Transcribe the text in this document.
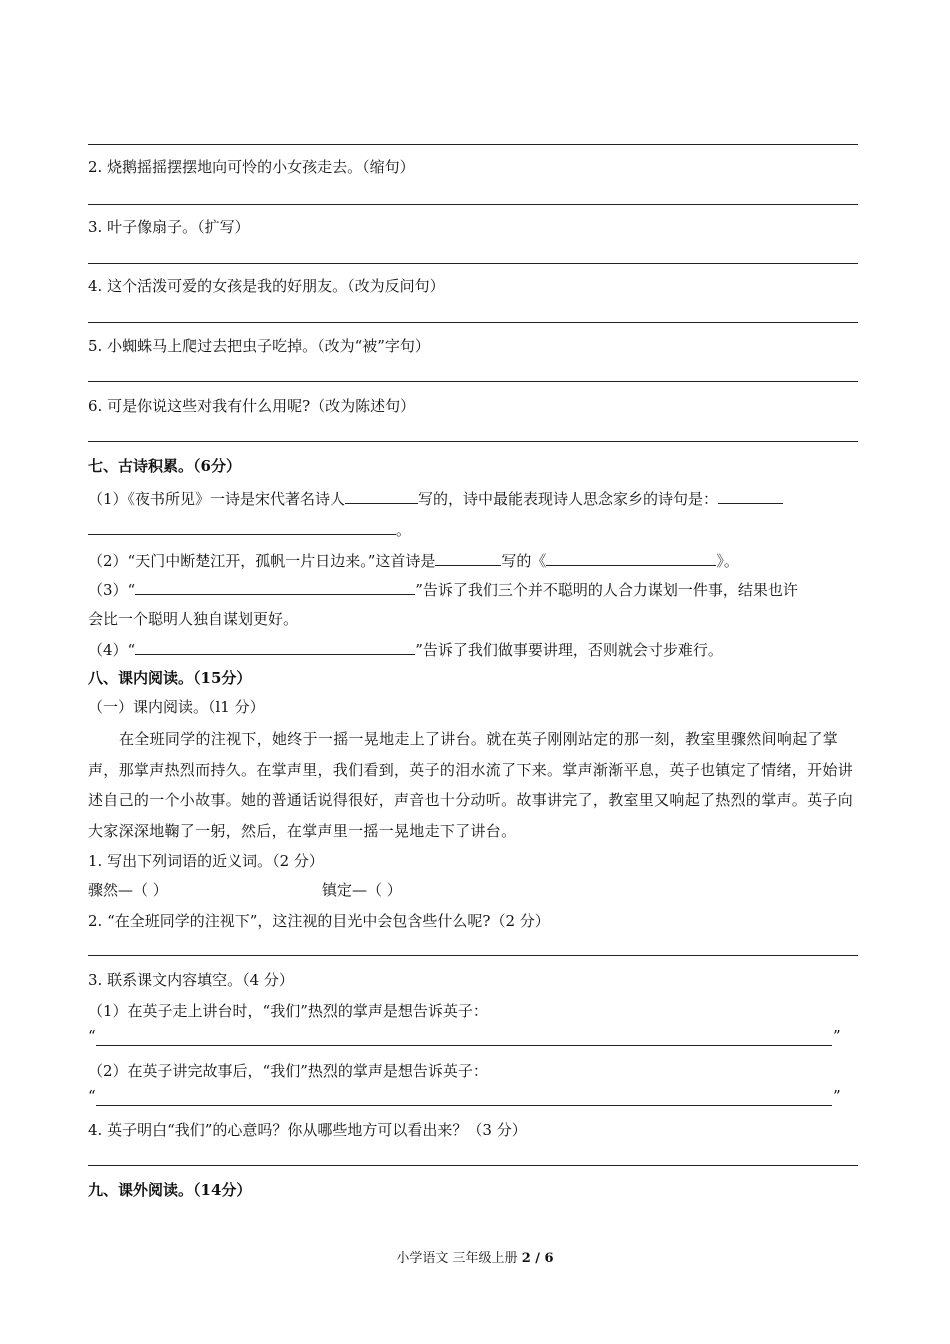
2. 烧鹅摇摇摆摆地向可怜的小女孩走去。（缩句）
3. 叶子像扇子。（扩写）
4. 这个活泼可爱的女孩是我的好朋友。（改为反问句）
5. 小蜘蛛马上爬过去把虫子吃掉。（改为“被”字句）
6. 可是你说这些对我有什么用呢?（改为陈述句）
七、古诗积累。（6分）
（1）《夜书所见》一诗是宋代著名诗人	写的，诗中最能表现诗人思念家乡的诗句是：
。
（2）“天门中断楚江开，孤帆一片日边来。”这首诗是	写的《	》。
（3）“	”告诉了我们三个并不聪明的人合力谋划一件事，结果也许
会比一个聪明人独自谋划更好。
（4）“	”告诉了我们做事要讲理，否则就会寸步难行。
八、课内阅读。（15分）
（一）课内阅读。（l1 分）
在全班同学的注视下，她终于一摇一晃地走上了讲台。就在英子刚刚站定的那一刻，教室里骤然间响起了掌声，那掌声热烈而持久。在掌声里，我们看到，英子的泪水流了下来。掌声渐渐平息，英子也镇定了情绪，开始讲述自己的一个小故事。她的普通话说得很好，声音也十分动听。故事讲完了，教室里又响起了热烈的掌声。英子向大家深深地鞠了一躬，然后，在掌声里一摇一晃地走下了讲台。
1. 写出下列词语的近义词。（2 分）
骤然—（ ）	镇定—（ ）
2. “在全班同学的注视下”，这注视的目光中会包含些什么呢?（2 分）
3. 联系课文内容填空。（4 分）
（1）在英子走上讲台时，“我们”热烈的掌声是想告诉英子：
“	”
（2）在英子讲完故事后，“我们”热烈的掌声是想告诉英子：
“	”
4. 英子明白“我们”的心意吗？你从哪些地方可以看出来？（3 分）
九、课外阅读。（14分）
小学语文 三年级上册 2 / 6
